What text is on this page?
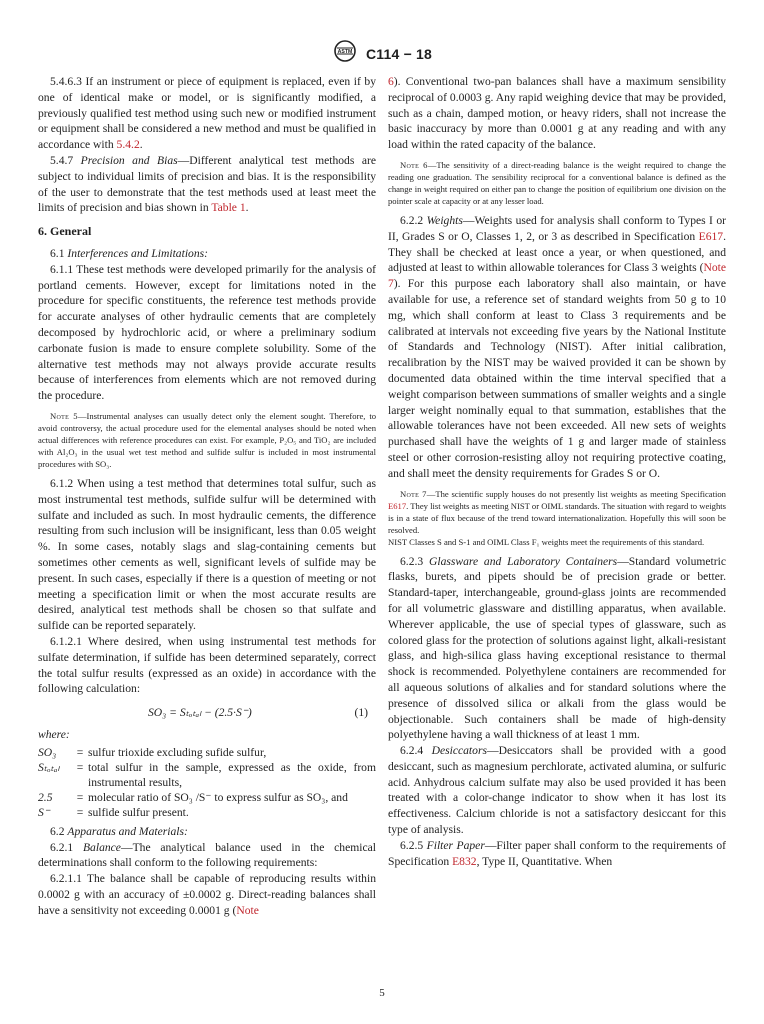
ASTM C114 − 18

5.4.6.3 If an instrument or piece of equipment is replaced, even if by one of identical make or model, or is significantly modified, a previously qualified test method using such new or modified instrument or equipment shall be considered a new method and must be qualified in accordance with 5.4.2.

5.4.7 Precision and Bias—Different analytical test methods are subject to individual limits of precision and bias. It is the responsibility of the user to demonstrate that the test methods used at least meet the limits of precision and bias shown in Table 1.

6. General

6.1 Interferences and Limitations:

6.1.1 These test methods were developed primarily for the analysis of portland cements. However, except for limitations noted in the procedure for specific constituents, the reference test methods provide for accurate analyses of other hydraulic cements that are completely decomposed by hydrochloric acid, or where a preliminary sodium carbonate fusion is made to ensure complete solubility. Some of the alternative test methods may not always provide accurate results because of interferences from elements which are not removed during the procedure.

Note 5—Instrumental analyses can usually detect only the element sought. Therefore, to avoid controversy, the actual procedure used for the elemental analyses should be noted when actual differences with reference procedures can exist. For example, P₂O₅ and TiO₂ are included with Al₂O₃ in the usual wet test method and sulfide sulfur is included in most instrumental procedures with SO₃.

6.1.2 When using a test method that determines total sulfur, such as most instrumental test methods, sulfide sulfur will be determined with sulfate and included as such. In most hydraulic cements, the difference resulting from such inclusion will be insignificant, less than 0.05 weight %. In some cases, notably slags and slag-containing cements but sometimes other cements as well, significant levels of sulfide may be present. In such cases, especially if there is a question of meeting or not meeting a specification limit or when the most accurate results are desired, analytical test methods shall be chosen so that sulfate and sulfide can be reported separately.

6.1.2.1 Where desired, when using instrumental test methods for sulfate determination, if sulfide has been determined separately, correct the total sulfur results (expressed as an oxide) in accordance with the following calculation:

SO₃ = Sₜₒₜₐₗ − (2.5·S⁻)	(1)

where:

SO₃	=	sulfur trioxide excluding sufide sulfur,
Sₜₒₜₐₗ	=	total sulfur in the sample, expressed as the oxide, from instrumental results,
2.5	=	molecular ratio of SO₃ /S⁻ to express sulfur as SO₃, and
S⁻	=	sulfide sulfur present.

6.2 Apparatus and Materials:

6.2.1 Balance—The analytical balance used in the chemical determinations shall conform to the following requirements:

6.2.1.1 The balance shall be capable of reproducing results within 0.0002 g with an accuracy of ±0.0002 g. Direct-reading balances shall have a sensitivity not exceeding 0.0001 g (Note

6). Conventional two-pan balances shall have a maximum sensibility reciprocal of 0.0003 g. Any rapid weighing device that may be provided, such as a chain, damped motion, or heavy riders, shall not increase the basic inaccuracy by more than 0.0001 g at any reading and with any load within the rated capacity of the balance.

Note 6—The sensitivity of a direct-reading balance is the weight required to change the reading one graduation. The sensibility reciprocal for a conventional balance is defined as the change in weight required on either pan to change the position of equilibrium one division on the pointer scale at capacity or at any lesser load.

6.2.2 Weights—Weights used for analysis shall conform to Types I or II, Grades S or O, Classes 1, 2, or 3 as described in Specification E617. They shall be checked at least once a year, or when questioned, and adjusted at least to within allowable tolerances for Class 3 weights (Note 7). For this purpose each laboratory shall also maintain, or have available for use, a reference set of standard weights from 50 g to 10 mg, which shall conform at least to Class 3 requirements and be calibrated at intervals not exceeding five years by the National Institute of Standards and Technology (NIST). After initial calibration, recalibration by the NIST may be waived provided it can be shown by documented data obtained within the time interval specified that a weight comparison between summations of smaller weights and a single larger weight nominally equal to that summation, establishes that the allowable tolerances have not been exceeded. All new sets of weights purchased shall have the weights of 1 g and larger made of stainless steel or other corrosion-resisting alloy not requiring protective coating, and shall meet the density requirements for Grades S or O.

Note 7—The scientific supply houses do not presently list weights as meeting Specification E617. They list weights as meeting NIST or OIML standards. The situation with regard to weights is in a state of flux because of the trend toward internationalization. Hopefully this will soon be resolved.
NIST Classes S and S-1 and OIML Class F₁ weights meet the requirements of this standard.

6.2.3 Glassware and Laboratory Containers—Standard volumetric flasks, burets, and pipets should be of precision grade or better. Standard-taper, interchangeable, ground-glass joints are recommended for all volumetric glassware and distilling apparatus, when available. Wherever applicable, the use of special types of glassware, such as colored glass for the protection of solutions against light, alkali-resistant glass, and high-silica glass having exceptional resistance to thermal shock is recommended. Polyethylene containers are recommended for all aqueous solutions of alkalies and for standard solutions where the presence of dissolved silica or alkali from the glass would be objectionable. Such containers shall be made of high-density polyethylene having a wall thickness of at least 1 mm.

6.2.4 Desiccators—Desiccators shall be provided with a good desiccant, such as magnesium perchlorate, activated alumina, or sulfuric acid. Anhydrous calcium sulfate may also be used provided it has been treated with a color-change indicator to show when it has lost its effectiveness. Calcium chloride is not a satisfactory desiccant for this type of analysis.

6.2.5 Filter Paper—Filter paper shall conform to the requirements of Specification E832, Type II, Quantitative. When

5
